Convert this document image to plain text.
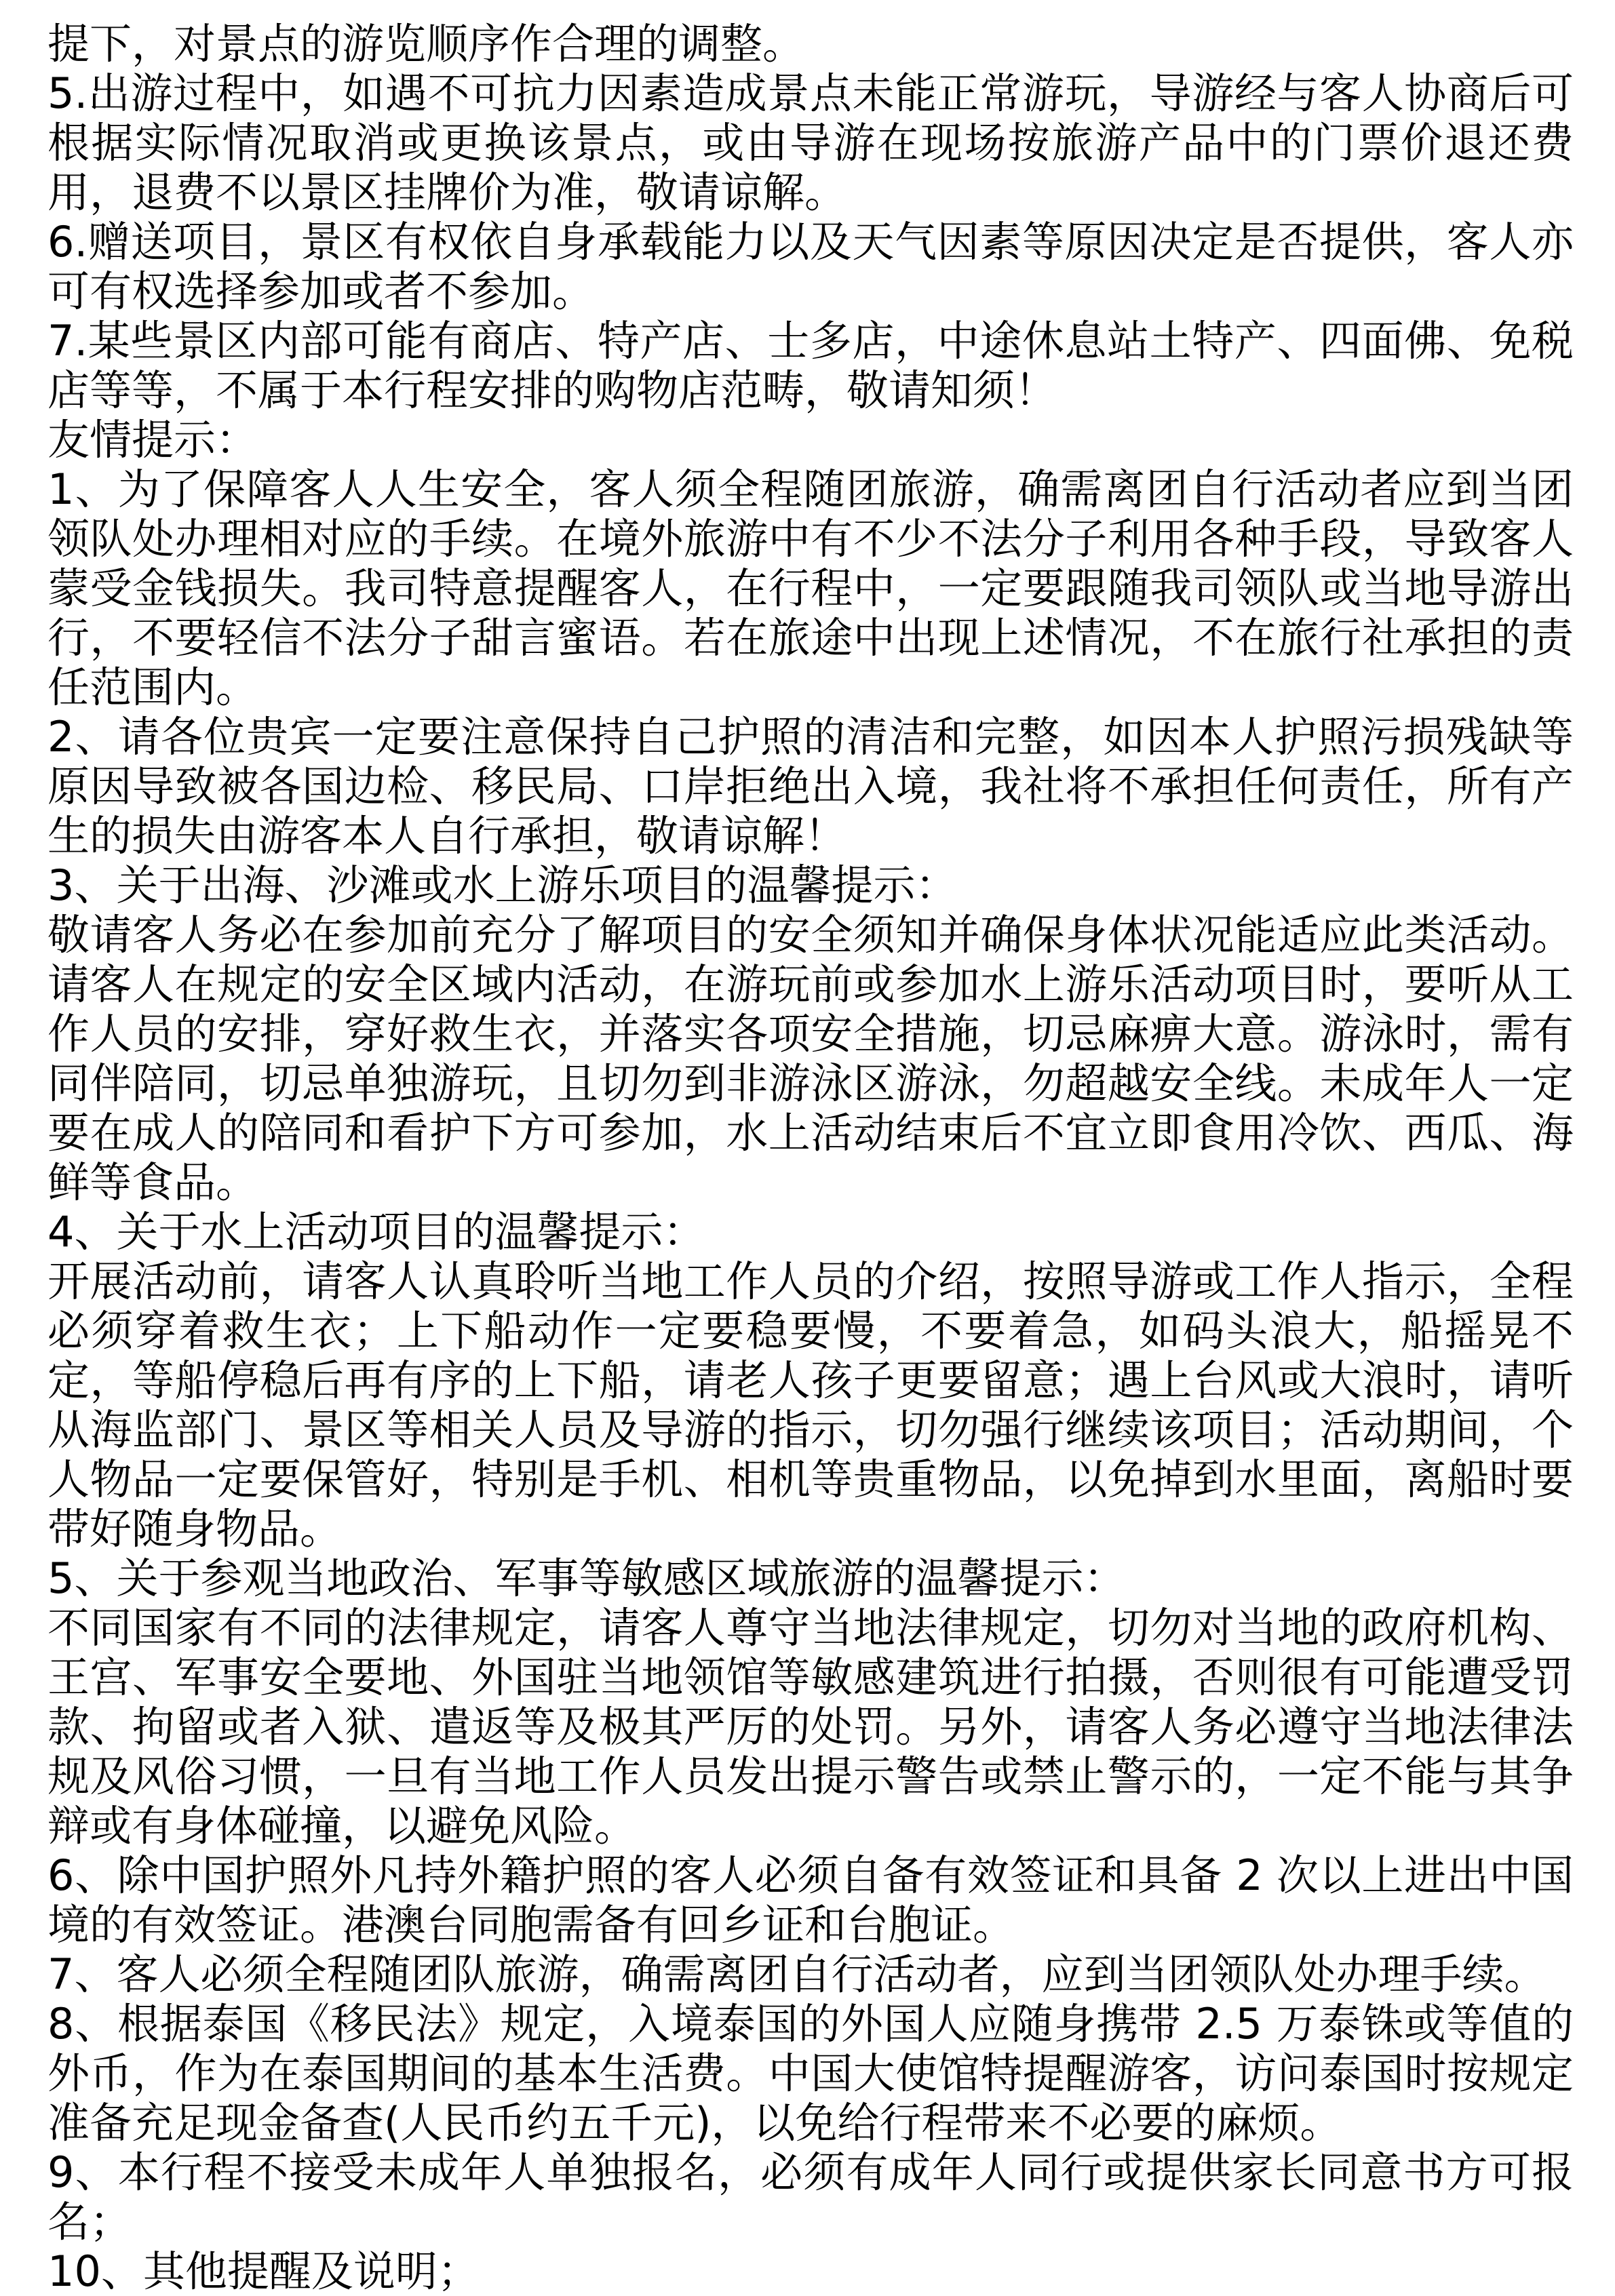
提下，对景点的游览顺序作合理的调整。

5.出游过程中，如遇不可抗力因素造成景点未能正常游玩，导游经与客人协商后可根据实际情况取消或更换该景点，或由导游在现场按旅游产品中的门票价退还费用，退费不以景区挂牌价为准，敬请谅解。

6.赠送项目，景区有权依自身承载能力以及天气因素等原因决定是否提供，客人亦可有权选择参加或者不参加。

7.某些景区内部可能有商店、特产店、士多店，中途休息站土特产、四面佛、免税店等等，不属于本行程安排的购物店范畴，敬请知须！

友情提示：

1、为了保障客人人生安全，客人须全程随团旅游，确需离团自行活动者应到当团领队处办理相对应的手续。在境外旅游中有不少不法分子利用各种手段，导致客人蒙受金钱损失。我司特意提醒客人，在行程中，一定要跟随我司领队或当地导游出行，不要轻信不法分子甜言蜜语。若在旅途中出现上述情况，不在旅行社承担的责任范围内。

2、请各位贵宾一定要注意保持自己护照的清洁和完整，如因本人护照污损残缺等原因导致被各国边检、移民局、口岸拒绝出入境，我社将不承担任何责任，所有产生的损失由游客本人自行承担，敬请谅解！

3、关于出海、沙滩或水上游乐项目的温馨提示：

敬请客人务必在参加前充分了解项目的安全须知并确保身体状况能适应此类活动。请客人在规定的安全区域内活动，在游玩前或参加水上游乐活动项目时，要听从工作人员的安排，穿好救生衣，并落实各项安全措施，切忌麻痹大意。游泳时，需有同伴陪同，切忌单独游玩，且切勿到非游泳区游泳，勿超越安全线。未成年人一定要在成人的陪同和看护下方可参加，水上活动结束后不宜立即食用冷饮、西瓜、海鲜等食品。

4、关于水上活动项目的温馨提示：

开展活动前，请客人认真聆听当地工作人员的介绍，按照导游或工作人指示，全程必须穿着救生衣；上下船动作一定要稳要慢，不要着急，如码头浪大，船摇晃不定，等船停稳后再有序的上下船，请老人孩子更要留意；遇上台风或大浪时，请听从海监部门、景区等相关人员及导游的指示，切勿强行继续该项目；活动期间，个人物品一定要保管好，特别是手机、相机等贵重物品，以免掉到水里面，离船时要带好随身物品。

5、关于参观当地政治、军事等敏感区域旅游的温馨提示：

不同国家有不同的法律规定，请客人尊守当地法律规定，切勿对当地的政府机构、王宫、军事安全要地、外国驻当地领馆等敏感建筑进行拍摄，否则很有可能遭受罚款、拘留或者入狱、遣返等及极其严厉的处罚。另外，请客人务必遵守当地法律法规及风俗习惯，一旦有当地工作人员发出提示警告或禁止警示的，一定不能与其争辩或有身体碰撞，以避免风险。

6、除中国护照外凡持外籍护照的客人必须自备有效签证和具备 2 次以上进出中国境的有效签证。港澳台同胞需备有回乡证和台胞证。

7、客人必须全程随团队旅游，确需离团自行活动者，应到当团领队处办理手续。

8、根据泰国《移民法》规定，入境泰国的外国人应随身携带 2.5 万泰铢或等值的外币，作为在泰国期间的基本生活费。中国大使馆特提醒游客，访问泰国时按规定准备充足现金备查(人民币约五千元)，以免给行程带来不必要的麻烦。

9、本行程不接受未成年人单独报名，必须有成年人同行或提供家长同意书方可报名；

10、其他提醒及说明；
